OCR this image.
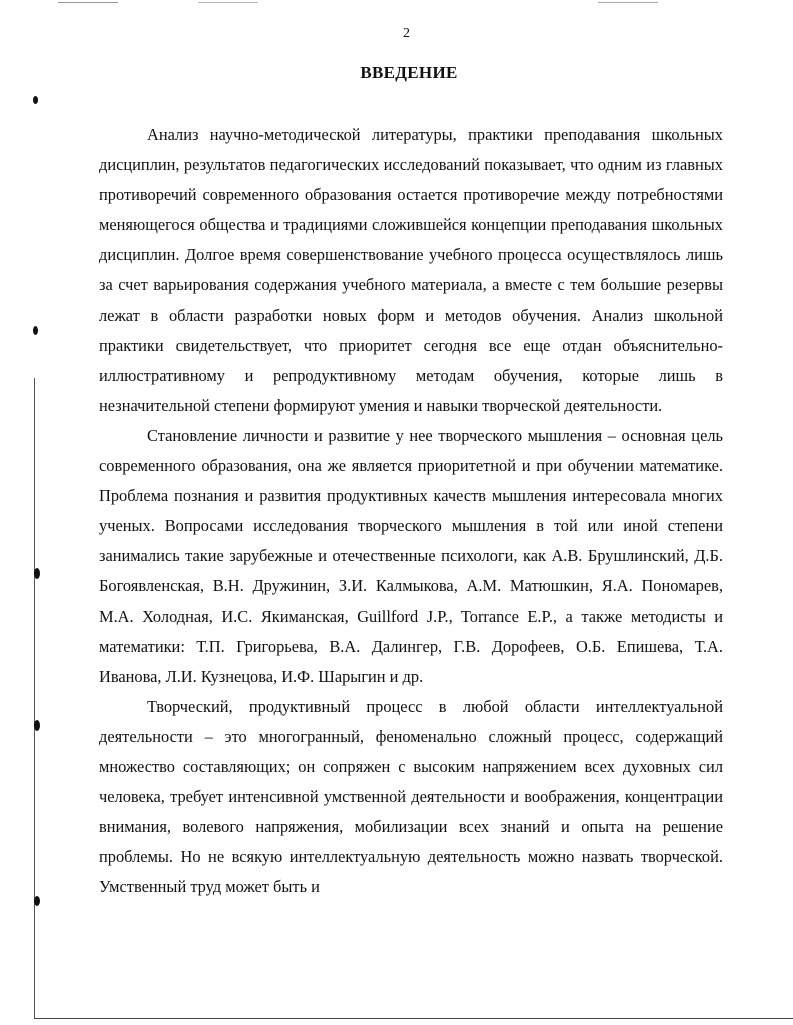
2
ВВЕДЕНИЕ

Анализ научно-методической литературы, практики преподавания школьных дисциплин, результатов педагогических исследований показывает, что одним из главных противоречий современного образования остается противоречие между потребностями меняющегося общества и традициями сложившейся концепции преподавания школьных дисциплин. Долгое время совершенствование учебного процесса осуществлялось лишь за счет варьирования содержания учебного материала, а вместе с тем большие резервы лежат в области разработки новых форм и методов обучения. Анализ школьной практики свидетельствует, что приоритет сегодня все еще отдан объяснительно-иллюстративному и репродуктивному методам обучения, которые лишь в незначительной степени формируют умения и навыки творческой деятельности.

Становление личности и развитие у нее творческого мышления – основная цель современного образования, она же является приоритетной и при обучении математике. Проблема познания и развития продуктивных качеств мышления интересовала многих ученых. Вопросами исследования творческого мышления в той или иной степени занимались такие зарубежные и отечественные психологи, как А.В. Брушлинский, Д.Б. Богоявленская, В.Н. Дружинин, З.И. Калмыкова, А.М. Матюшкин, Я.А. Пономарев, М.А. Холодная, И.С. Якиманская, Guillford J.P., Torrance E.P., а также методисты и математики: Т.П. Григорьева, В.А. Далингер, Г.В. Дорофеев, О.Б. Епишева, Т.А. Иванова, Л.И. Кузнецова, И.Ф. Шарыгин и др.

Творческий, продуктивный процесс в любой области интеллектуальной деятельности – это многогранный, феноменально сложный процесс, содержащий множество составляющих; он сопряжен с высоким напряжением всех духовных сил человека, требует интенсивной умственной деятельности и воображения, концентрации внимания, волевого напряжения, мобилизации всех знаний и опыта на решение проблемы. Но не всякую интеллектуальную деятельность можно назвать творческой. Умственный труд может быть и
